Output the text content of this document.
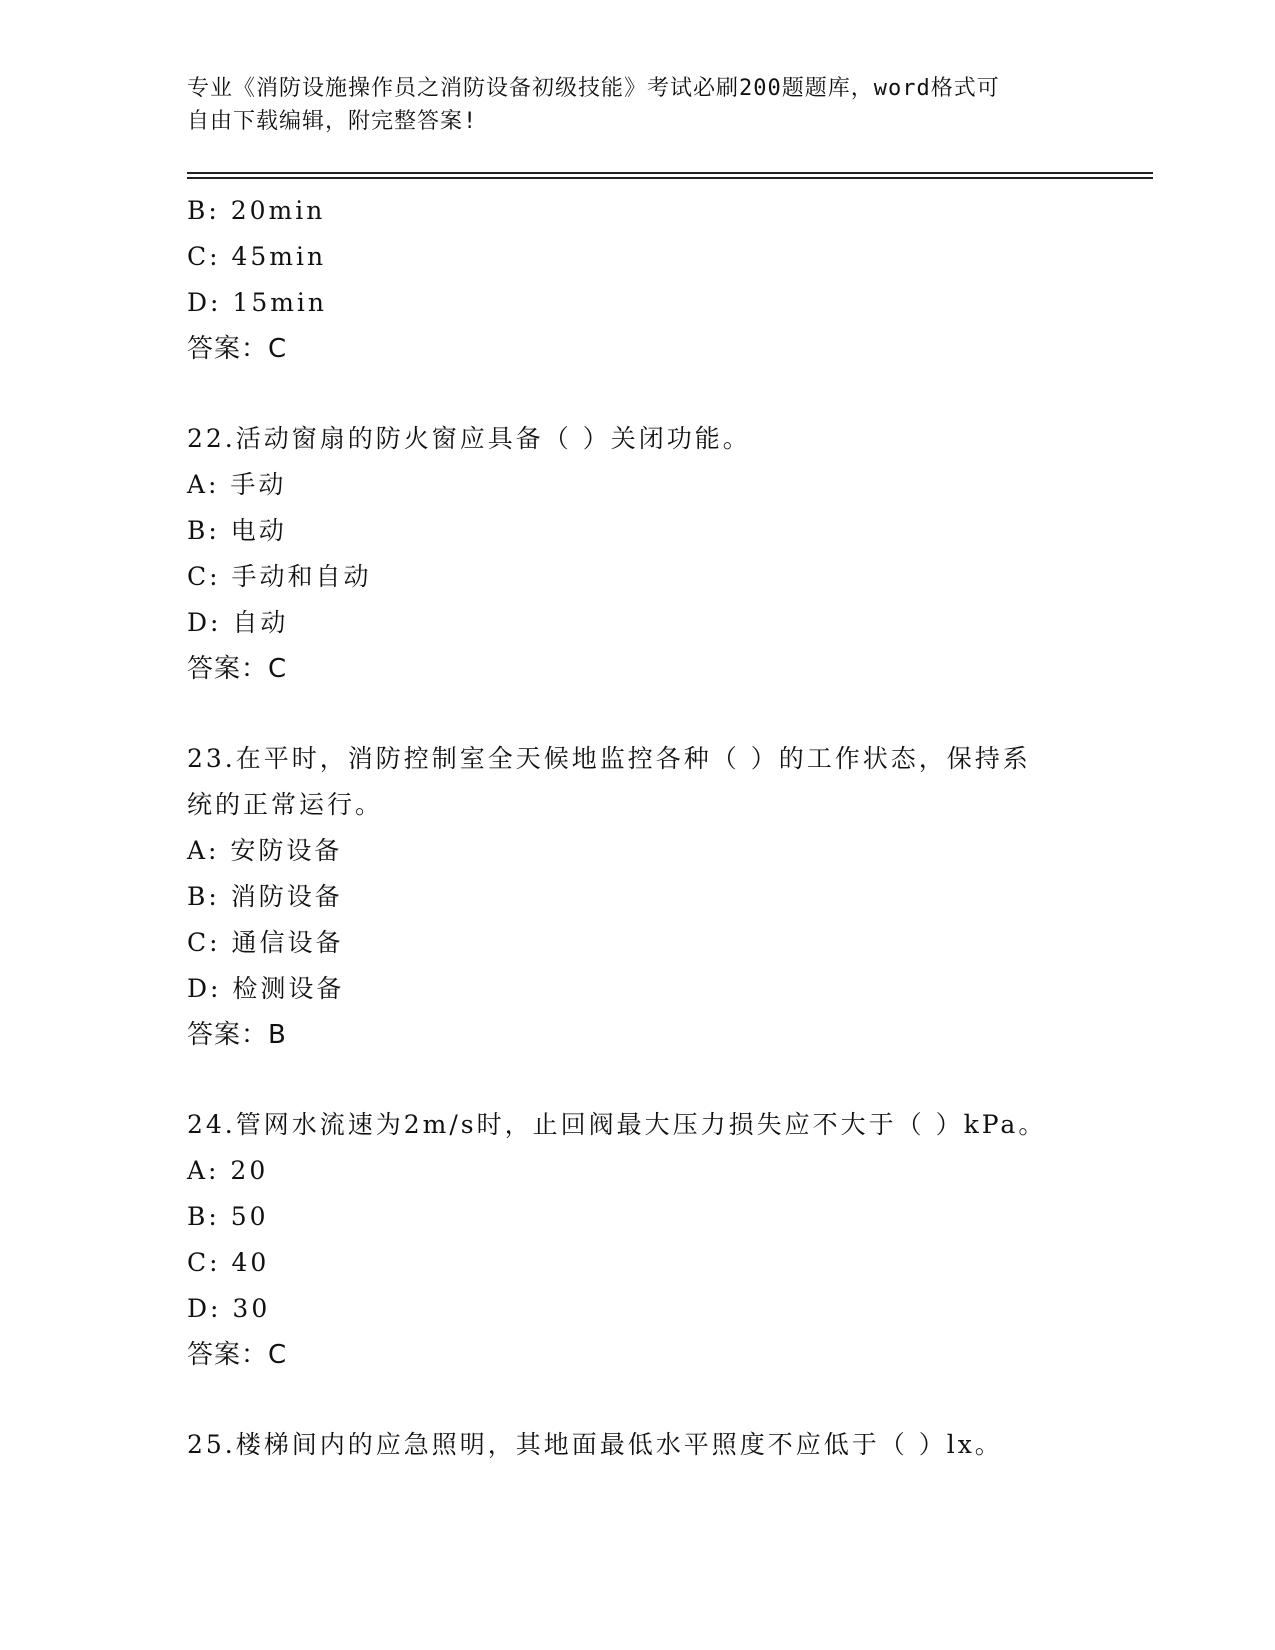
专业《消防设施操作员之消防设备初级技能》考试必刷200题题库，word格式可
自由下载编辑，附完整答案!
B: 20min
C: 45min
D: 15min
答案：C
22.活动窗扇的防火窗应具备（ ）关闭功能。
A: 手动
B: 电动
C: 手动和自动
D: 自动
答案：C
23.在平时，消防控制室全天候地监控各种（ ）的工作状态，保持系
统的正常运行。
A: 安防设备
B: 消防设备
C: 通信设备
D: 检测设备
答案：B
24.管网水流速为2m/s时，止回阀最大压力损失应不大于（ ）kPa。
A: 20
B: 50
C: 40
D: 30
答案：C
25.楼梯间内的应急照明，其地面最低水平照度不应低于（ ）lx。
